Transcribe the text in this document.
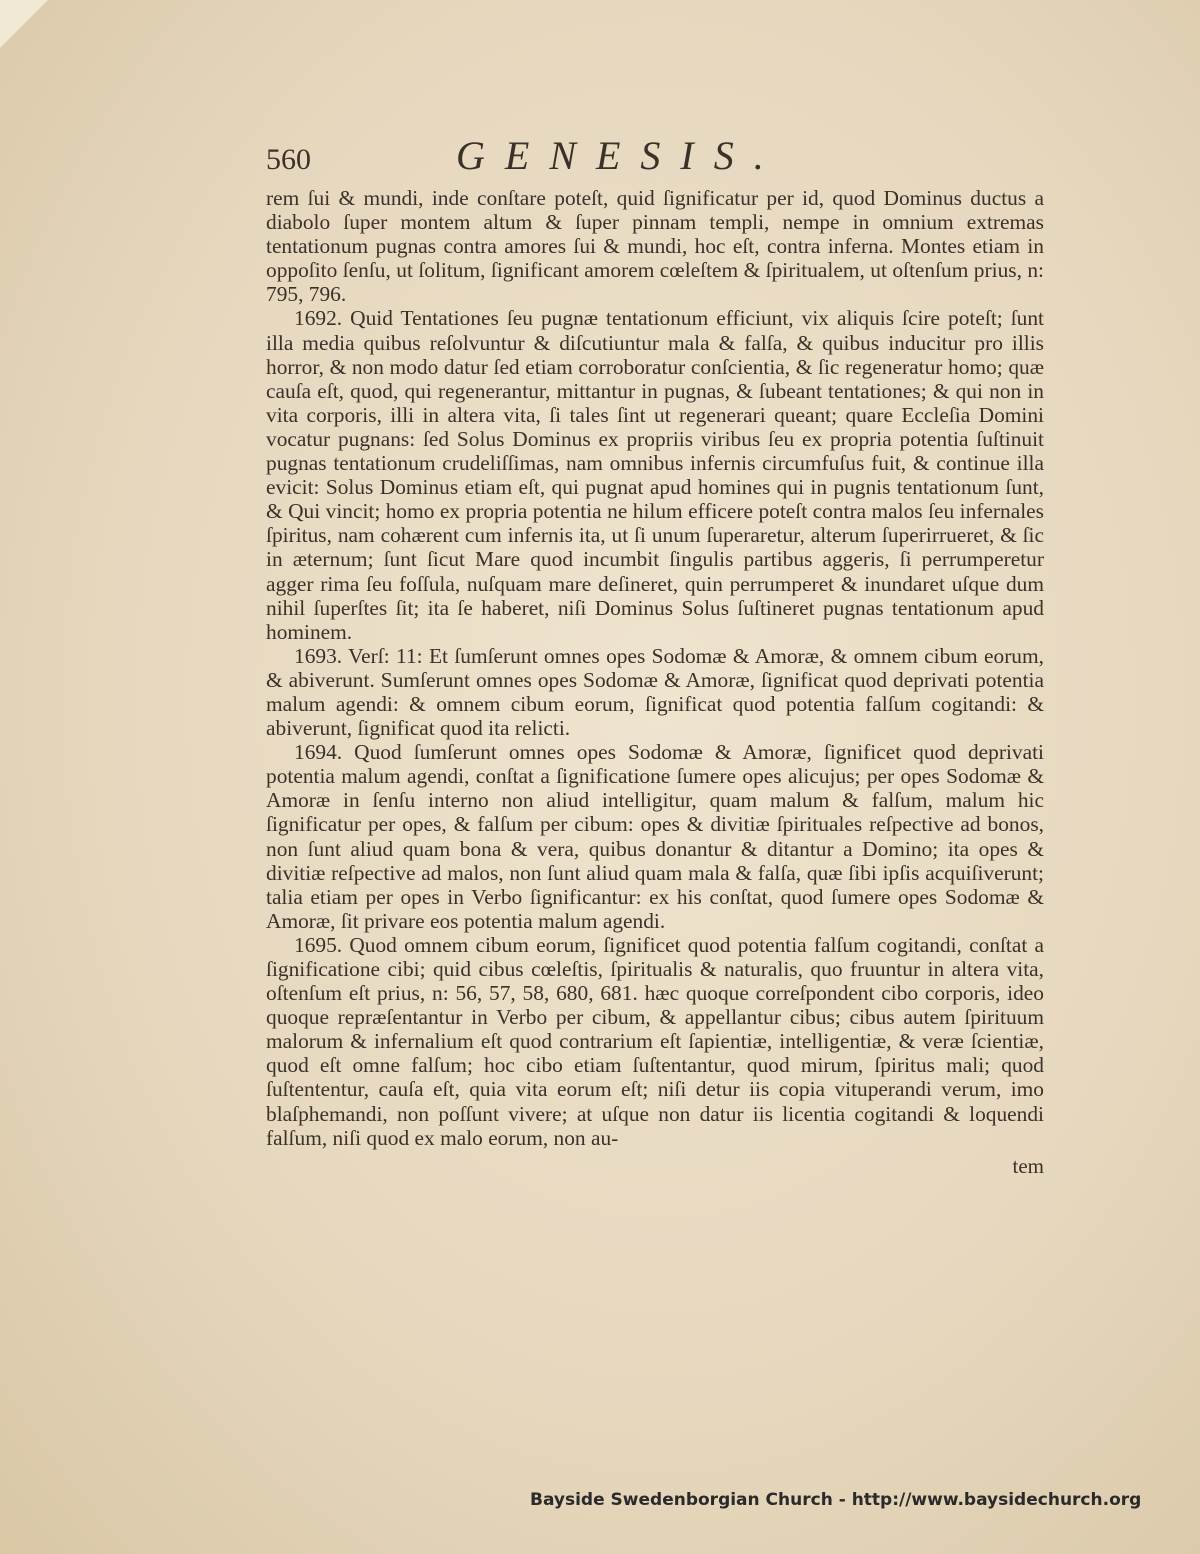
560	GENESIS.

rem ſui & mundi, inde conſtare poteſt, quid ſignificatur per id, quod Dominus ductus a diabolo ſuper montem altum & ſuper pinnam templi, nempe in omnium extremas tentationum pugnas contra amores ſui & mundi, hoc eſt, contra inferna. Montes etiam in oppoſito ſenſu, ut ſolitum, ſignificant amorem cœleſtem & ſpiritualem, ut oſtenſum prius, n: 795, 796.

1692. Quid Tentationes ſeu pugnæ tentationum efficiunt, vix aliquis ſcire poteſt; ſunt illa media quibus reſolvuntur & diſcutiuntur mala & falſa, & quibus inducitur pro illis horror, & non modo datur ſed etiam corroboratur conſcientia, & ſic regeneratur homo; quæ cauſa eſt, quod, qui regenerantur, mittantur in pugnas, & ſubeant tentationes; & qui non in vita corporis, illi in altera vita, ſi tales ſint ut regenerari queant; quare Eccleſia Domini vocatur pugnans: ſed Solus Dominus ex propriis viribus ſeu ex propria potentia ſuſtinuit pugnas tentationum crudeliſſimas, nam omnibus infernis circumfuſus fuit, & continue illa evicit: Solus Dominus etiam eſt, qui pugnat apud homines qui in pugnis tentationum ſunt, & Qui vincit; homo ex propria potentia ne hilum efficere poteſt contra malos ſeu infernales ſpiritus, nam cohærent cum infernis ita, ut ſi unum ſuperaretur, alterum ſuperirrueret, & ſic in æternum; ſunt ſicut Mare quod incumbit ſingulis partibus aggeris, ſi perrumperetur agger rima ſeu foſſula, nuſquam mare deſineret, quin perrumperet & inundaret uſque dum nihil ſuperſtes ſit; ita ſe haberet, niſi Dominus Solus ſuſtineret pugnas tentationum apud hominem.

1693. Verſ: 11: Et ſumſerunt omnes opes Sodomæ & Amoræ, & omnem cibum eorum, & abiverunt. Sumſerunt omnes opes Sodomæ & Amoræ, ſignificat quod deprivati potentia malum agendi: & omnem cibum eorum, ſignificat quod potentia falſum cogitandi: & abiverunt, ſignificat quod ita relicti.

1694. Quod ſumſerunt omnes opes Sodomæ & Amoræ, ſignificet quod deprivati potentia malum agendi, conſtat a ſignificatione ſumere opes alicujus; per opes Sodomæ & Amoræ in ſenſu interno non aliud intelligitur, quam malum & falſum, malum hic ſignificatur per opes, & falſum per cibum: opes & divitiæ ſpirituales reſpective ad bonos, non ſunt aliud quam bona & vera, quibus donantur & ditantur a Domino; ita opes & divitiæ reſpective ad malos, non ſunt aliud quam mala & falſa, quæ ſibi ipſis acquiſiverunt; talia etiam per opes in Verbo ſignificantur: ex his conſtat, quod ſumere opes Sodomæ & Amoræ, ſit privare eos potentia malum agendi.

1695. Quod omnem cibum eorum, ſignificet quod potentia falſum cogitandi, conſtat a ſignificatione cibi; quid cibus cœleſtis, ſpiritualis & naturalis, quo fruuntur in altera vita, oſtenſum eſt prius, n: 56, 57, 58, 680, 681. hæc quoque correſpondent cibo corporis, ideo quoque repræſentantur in Verbo per cibum, & appellantur cibus; cibus autem ſpirituum malorum & infernalium eſt quod contrarium eſt ſapientiæ, intelligentiæ, & veræ ſcientiæ, quod eſt omne falſum; hoc cibo etiam ſuſtentantur, quod mirum, ſpiritus mali; quod ſuſtententur, cauſa eſt, quia vita eorum eſt; niſi detur iis copia vituperandi verum, imo blaſphemandi, non poſſunt vivere; at uſque non datur iis licentia cogitandi & loquendi falſum, niſi quod ex malo eorum, non au-

tem
Bayside Swedenborgian Church - http://www.baysidechurch.org
